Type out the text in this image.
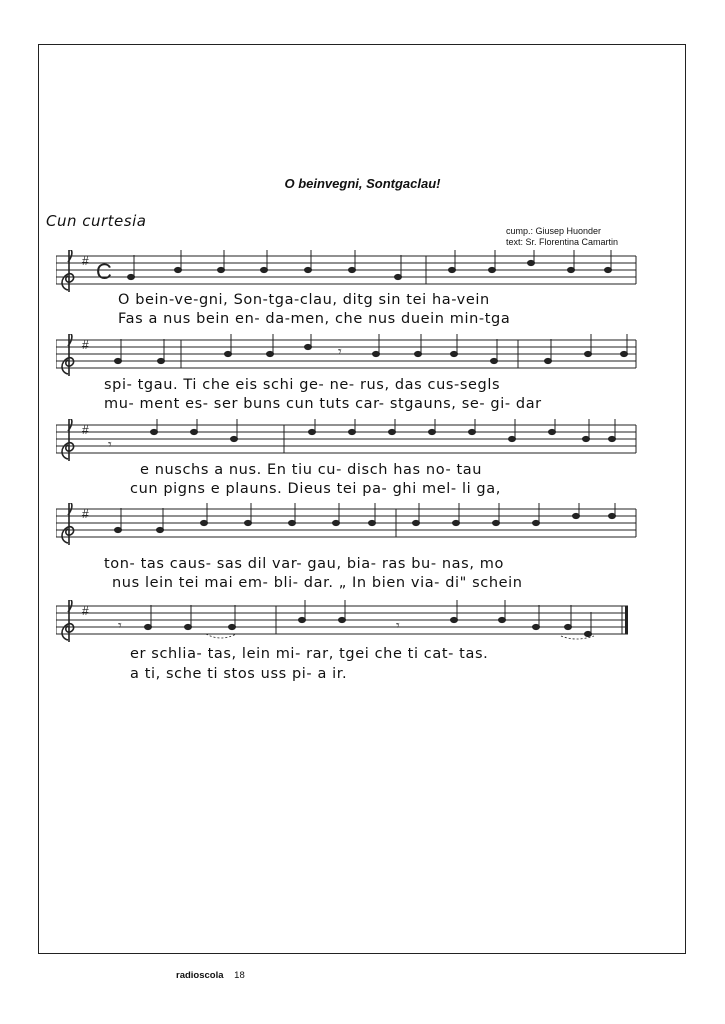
O beinvegni, Sontgaclau!
Cun curtesia
cump.: Giusep Huonder
text: Sr. Florentina Camartin
# C
O bein-ve-gni, Son-tga-clau, ditg sin tei ha-vein
Fas a nus bein en- da-men, che nus duein min-tga
#	𝄾
spi- tgau. Ti che eis schi ge- ne- rus, das cus-segls
mu- ment es- ser buns cun tuts car- stgauns, se- gi- dar
#
𝄾
e nuschs a nus. En tiu cu- disch has no- tau
cun pigns e plauns. Dieus tei pa- ghi mel- li ga,
#
ton- tas caus- sas dil var- gau, bia- ras bu- nas, mo
nus lein tei mai em- bli- dar. „ In bien via- di" schein
#
𝄾	𝄾
er schlia- tas, lein mi- rar, tgei che ti cat- tas.
a ti, sche ti stos uss pi- a ir.
radioscola 18
